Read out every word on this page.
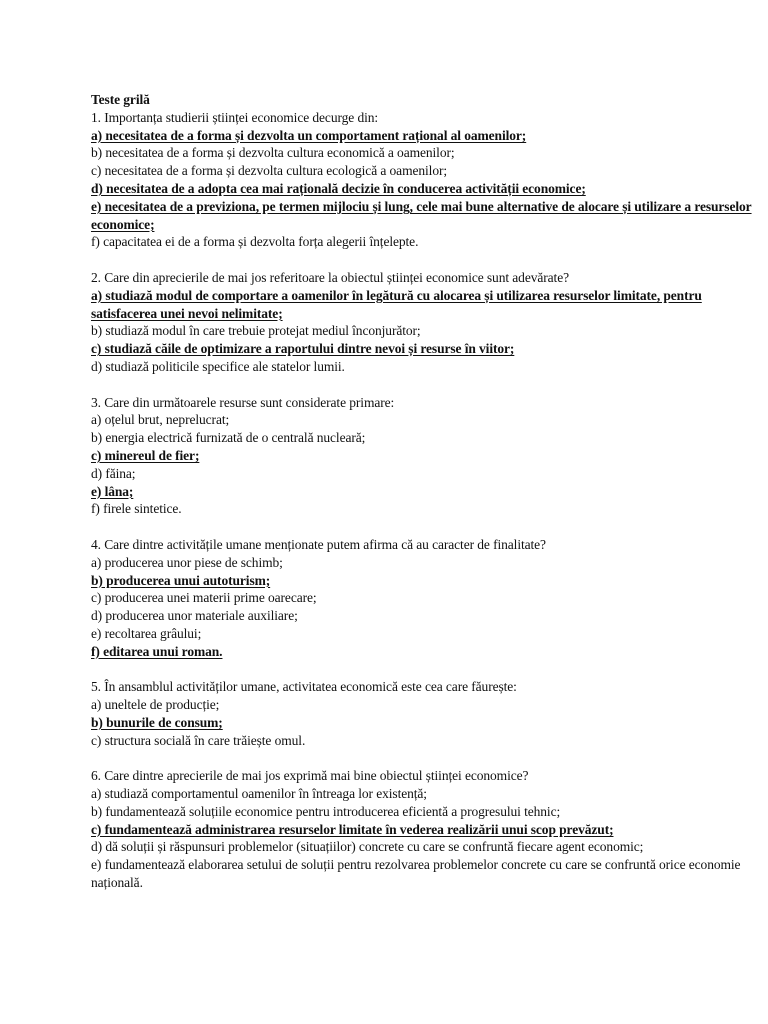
Teste grilă

1. Importanța studierii științei economice decurge din:

a) necesitatea de a forma și dezvolta un comportament rațional al oamenilor;

b) necesitatea de a forma și dezvolta cultura economică a oamenilor;

c) necesitatea de a forma și dezvolta cultura ecologică a oamenilor;

d) necesitatea de a adopta cea mai rațională decizie în conducerea activității economice;

e) necesitatea de a previziona, pe termen mijlociu și lung, cele mai bune alternative de alocare și utilizare a resurselor economice;

f) capacitatea ei de a forma și dezvolta forța alegerii înțelepte.

2. Care din aprecierile de mai jos referitoare la obiectul științei economice sunt adevărate?

a) studiază modul de comportare a oamenilor în legătură cu alocarea și utilizarea resurselor limitate, pentru satisfacerea unei nevoi nelimitate;

b) studiază modul în care trebuie protejat mediul înconjurător;

c) studiază căile de optimizare a raportului dintre nevoi și resurse în viitor;

d) studiază politicile specifice ale statelor lumii.

3. Care din următoarele resurse sunt considerate primare:

a) oțelul brut, neprelucrat;

b) energia electrică furnizată de o centrală nucleară;

c) minereul de fier;

d) făina;

e) lâna;

f) firele sintetice.

4. Care dintre activitățile umane menționate putem afirma că au caracter de finalitate?

a) producerea unor piese de schimb;

b) producerea unui autoturism;

c) producerea unei materii prime oarecare;

d) producerea unor materiale auxiliare;

e) recoltarea grâului;

f) editarea unui roman.

5. În ansamblul activităților umane, activitatea economică este cea care făurește:

a) uneltele de producție;

b) bunurile de consum;

c) structura socială în care trăiește omul.

6. Care dintre aprecierile de mai jos exprimă mai bine obiectul științei economice?

a) studiază comportamentul oamenilor în întreaga lor existență;

b) fundamentează soluțiile economice pentru introducerea eficientă a progresului tehnic;

c) fundamentează administrarea resurselor limitate în vederea realizării unui scop prevăzut;

d) dă soluții și răspunsuri problemelor (situațiilor) concrete cu care se confruntă fiecare agent economic;

e) fundamentează elaborarea setului de soluții pentru rezolvarea problemelor concrete cu care se confruntă orice economie națională.
